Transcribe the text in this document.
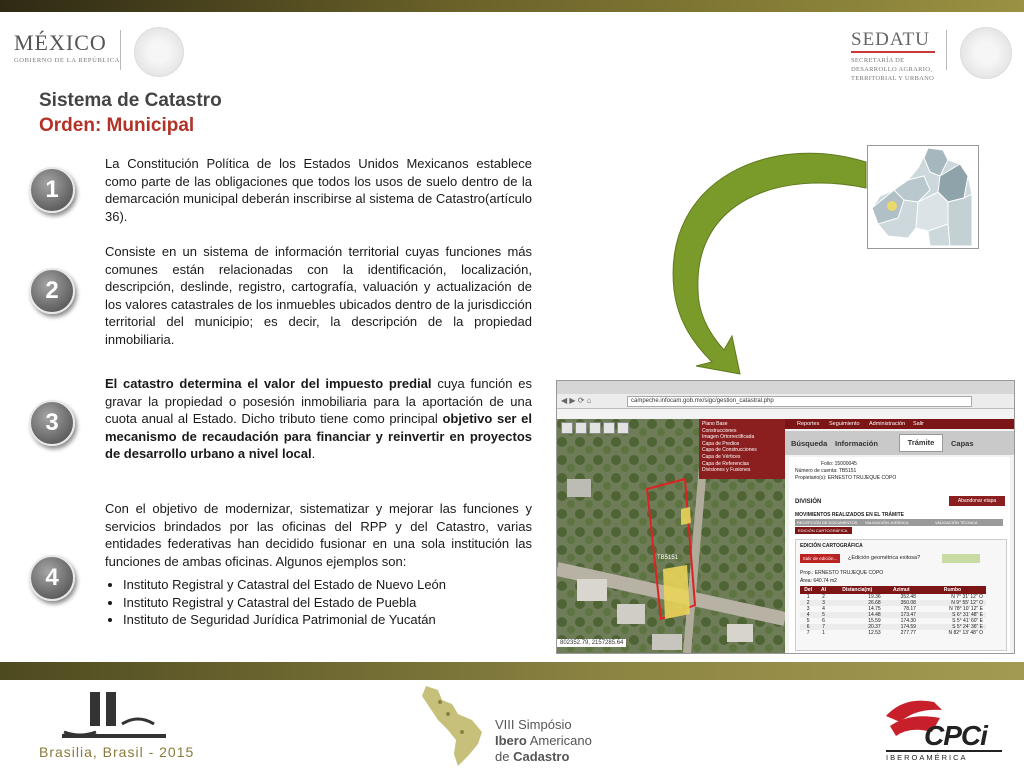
MÉXICO
GOBIERNO DE LA REPÚBLICA
SEDATU
SECRETARÍA DE
DESARROLLO AGRARIO,
TERRITORIAL Y URBANO
Sistema de Catastro
Orden: Municipal
1
La Constitución Política de los Estados Unidos Mexicanos establece como parte de las obligaciones que todos los usos de suelo dentro de la demarcación municipal deberán inscribirse al sistema de Catastro(artículo 36).
2
Consiste en un sistema de información territorial cuyas funciones más comunes están relacionadas con la identificación, localización, descripción, deslinde, registro, cartografía, valuación y actualización de los valores catastrales de los inmuebles ubicados dentro de la jurisdicción territorial del municipio; es decir, la descripción de la propiedad inmobiliaria.
3
El catastro determina el valor del impuesto predial cuya función es gravar la propiedad o posesión inmobiliaria para la aportación de una cuota anual al Estado. Dicho tributo tiene como principal objetivo ser el mecanismo de recaudación para financiar y reinvertir en proyectos de desarrollo urbano a nivel local.
4
Con el objetivo de modernizar, sistematizar y mejorar las funciones y servicios brindados por las oficinas del RPP y del Catastro, varias entidades federativas han decidido fusionar en una sola institución las funciones de ambas oficinas. Algunos ejemplos son:
• Instituto Registral y Catastral del Estado de Nuevo León
• Instituto Registral y Catastral del Estado de Puebla
• Instituto de Seguridad Jurídica Patrimonial de Yucatán
◀ ▶ ⟳ ⌂	campeche.infocam.gob.mx/sigc/gestion_catastral.php
TB5151
802352.79, 2157285.64
Plano Base
Construcciones
Imagen Ortorrectificada
Capa de Predios
Capa de Construcciones
Capa de Vértices
Capa de Referencias
Divisiones y Fusiones
Reportes Seguimiento Administración Salir
Búsqueda Información	Trámite	Capas
Folio: 15000045
Número de cuenta: TB5151
Propietario(s): ERNESTO TRUJEQUE COPO
DIVISIÓN	Abandonar etapa
MOVIMIENTOS REALIZADOS EN EL TRÁMITE
RECEPCIÓN DE DOCUMENTOS VALIDACIÓN JURÍDICA	VALIDACIÓN TÉCNICA
EDICIÓN CARTOGRÁFICA
EDICIÓN CARTOGRÁFICA
Salir de edición...	¿Edición geométrica exitosa?
Prop.: ERNESTO TRUJEQUE COPO
Área: 640.74 m2
Del	Al	Distancia(m)	Azimut	Rumbo
1	2	19.36	352.48	N 7° 31' 12" O
2	3	26.68	350.08	N 9° 55' 12" O
3	4	14.75	78.17	N 78° 10' 12" E
4	5	14.48	173.47	S 6° 31' 48" E
5	6	15.59	174.30	S 5° 41' 60" E
6	7	20.37	174.59	S 5° 24' 36" E
7	1	12.53	277.77	N 82° 13' 48" O
Brasilia, Brasil - 2015
VIII Simpósio
Ibero Americano
de Cadastro
CPCi
IBEROAMÉRICA
